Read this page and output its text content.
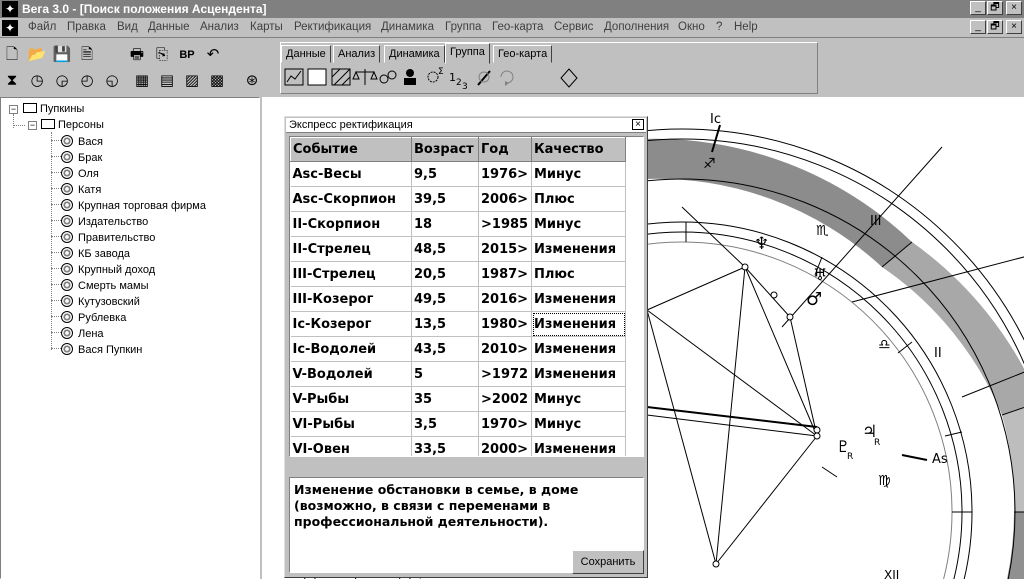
✦ Вега 3.0 - [Поиск положения Асцендента]	_ 🗗	×
✦ Файл Правка Вид Данные Анализ Карты Ректификация Динамика Группа Гео-карта Сервис Дополнения Окно ? Help	_ 🗗	×
🗋 📂 💾 🗎 🖶 ⎘	BP ↶
⧗ ◷ ◶ ◴ ◵ ▦ ▤ ▨ ▩ ⊛
Данные	Анализ	Динамика Группа	Гео-карта
Σ 1 2 3
−	Пупкины
−	Персоны
Вася
Брак
Оля
Катя
Крупная торговая фирма
Издательство
Правительство
КБ завода
Крупный доход
Смерть мамы
Кутузовский
Рублевка
Лена
Вася Пупкин
Ic
As
III
II
XII
♐
♏
♎
♍
♆
♅
♂
♃
R
♇
R
Экспресс ректификация	×
Событие	Возраст	Год	Качество
Asc-Весы	9,5	1976>	Минус
Asc-Скорпион	39,5	2006>	Плюс
II-Скорпион	18	>1985	Минус
II-Стрелец	48,5	2015>	Изменения
III-Стрелец	20,5	1987>	Плюс
III-Козерог	49,5	2016>	Изменения
Ic-Козерог	13,5	1980>	Изменения
Ic-Водолей	43,5	2010>	Изменения
V-Водолей	5	>1972	Изменения
V-Рыбы	35	>2002	Минус
VI-Рыбы	3,5	1970>	Минус
VI-Овен	33,5	2000>	Изменения
Изменение обстановки в семье, в доме (возможно, в связи с переменами в профессиональной деятельности).
Сохранить
